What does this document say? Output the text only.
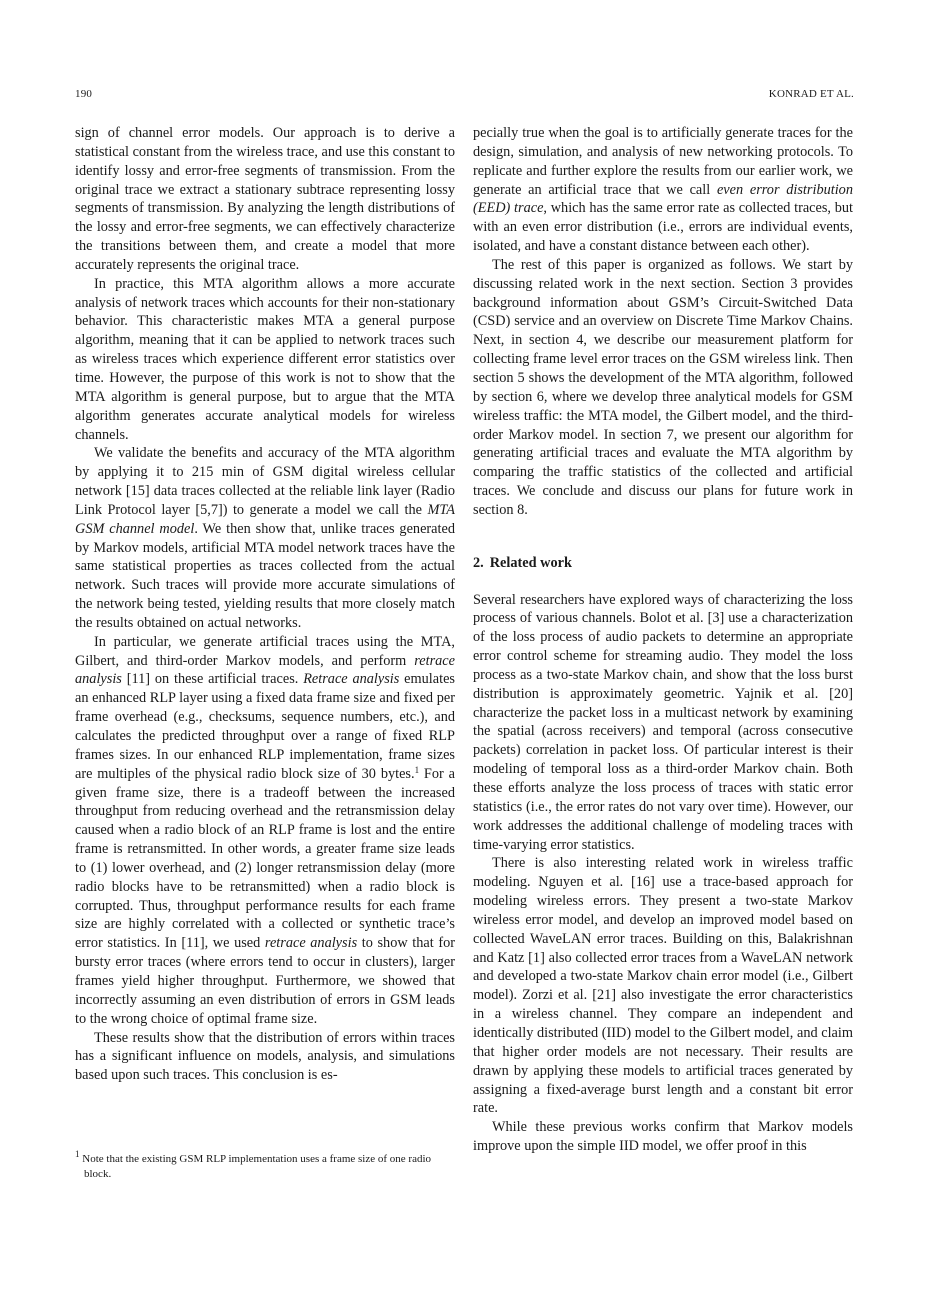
190	KONRAD ET AL.

sign of channel error models. Our approach is to derive a statistical constant from the wireless trace, and use this constant to identify lossy and error-free segments of transmission. From the original trace we extract a stationary subtrace representing lossy segments of transmission. By analyzing the length distributions of the lossy and error-free segments, we can effectively characterize the transitions between them, and create a model that more accurately represents the original trace.

In practice, this MTA algorithm allows a more accurate analysis of network traces which accounts for their non-stationary behavior. This characteristic makes MTA a general purpose algorithm, meaning that it can be applied to network traces such as wireless traces which experience different error statistics over time. However, the purpose of this work is not to show that the MTA algorithm is general purpose, but to argue that the MTA algorithm generates accurate analytical models for wireless channels.

We validate the benefits and accuracy of the MTA algorithm by applying it to 215 min of GSM digital wireless cellular network [15] data traces collected at the reliable link layer (Radio Link Protocol layer [5,7]) to generate a model we call the MTA GSM channel model. We then show that, unlike traces generated by Markov models, artificial MTA model network traces have the same statistical properties as traces collected from the actual network. Such traces will provide more accurate simulations of the network being tested, yielding results that more closely match the results obtained on actual networks.

In particular, we generate artificial traces using the MTA, Gilbert, and third-order Markov models, and perform retrace analysis [11] on these artificial traces. Retrace analysis emulates an enhanced RLP layer using a fixed data frame size and fixed per frame overhead (e.g., checksums, sequence numbers, etc.), and calculates the predicted throughput over a range of fixed RLP frames sizes. In our enhanced RLP implementation, frame sizes are multiples of the physical radio block size of 30 bytes.$^1$ For a given frame size, there is a tradeoff between the increased throughput from reducing overhead and the retransmission delay caused when a radio block of an RLP frame is lost and the entire frame is retransmitted. In other words, a greater frame size leads to (1) lower overhead, and (2) longer retransmission delay (more radio blocks have to be retransmitted) when a radio block is corrupted. Thus, throughput performance results for each frame size are highly correlated with a collected or synthetic trace’s error statistics. In [11], we used retrace analysis to show that for bursty error traces (where errors tend to occur in clusters), larger frames yield higher throughput. Furthermore, we showed that incorrectly assuming an even distribution of errors in GSM leads to the wrong choice of optimal frame size.

These results show that the distribution of errors within traces has a significant influence on models, analysis, and simulations based upon such traces. This conclusion is es-

$^1$ Note that the existing GSM RLP implementation uses a frame size of one radio block.

pecially true when the goal is to artificially generate traces for the design, simulation, and analysis of new networking protocols. To replicate and further explore the results from our earlier work, we generate an artificial trace that we call even error distribution (EED) trace, which has the same error rate as collected traces, but with an even error distribution (i.e., errors are individual events, isolated, and have a constant distance between each other).

The rest of this paper is organized as follows. We start by discussing related work in the next section. Section 3 provides background information about GSM’s Circuit-Switched Data (CSD) service and an overview on Discrete Time Markov Chains. Next, in section 4, we describe our measurement platform for collecting frame level error traces on the GSM wireless link. Then section 5 shows the development of the MTA algorithm, followed by section 6, where we develop three analytical models for GSM wireless traffic: the MTA model, the Gilbert model, and the third-order Markov model. In section 7, we present our algorithm for generating artificial traces and evaluate the MTA algorithm by comparing the traffic statistics of the collected and artificial traces. We conclude and discuss our plans for future work in section 8.

2. Related work

Several researchers have explored ways of characterizing the loss process of various channels. Bolot et al. [3] use a characterization of the loss process of audio packets to determine an appropriate error control scheme for streaming audio. They model the loss process as a two-state Markov chain, and show that the loss burst distribution is approximately geometric. Yajnik et al. [20] characterize the packet loss in a multicast network by examining the spatial (across receivers) and temporal (across consecutive packets) correlation in packet loss. Of particular interest is their modeling of temporal loss as a third-order Markov chain. Both these efforts analyze the loss process of traces with static error statistics (i.e., the error rates do not vary over time). However, our work addresses the additional challenge of modeling traces with time-varying error statistics.

There is also interesting related work in wireless traffic modeling. Nguyen et al. [16] use a trace-based approach for modeling wireless errors. They present a two-state Markov wireless error model, and develop an improved model based on collected WaveLAN error traces. Building on this, Balakrishnan and Katz [1] also collected error traces from a WaveLAN network and developed a two-state Markov chain error model (i.e., Gilbert model). Zorzi et al. [21] also investigate the error characteristics in a wireless channel. They compare an independent and identically distributed (IID) model to the Gilbert model, and claim that higher order models are not necessary. Their results are drawn by applying these models to artificial traces generated by assigning a fixed-average burst length and a constant bit error rate.

While these previous works confirm that Markov models improve upon the simple IID model, we offer proof in this
